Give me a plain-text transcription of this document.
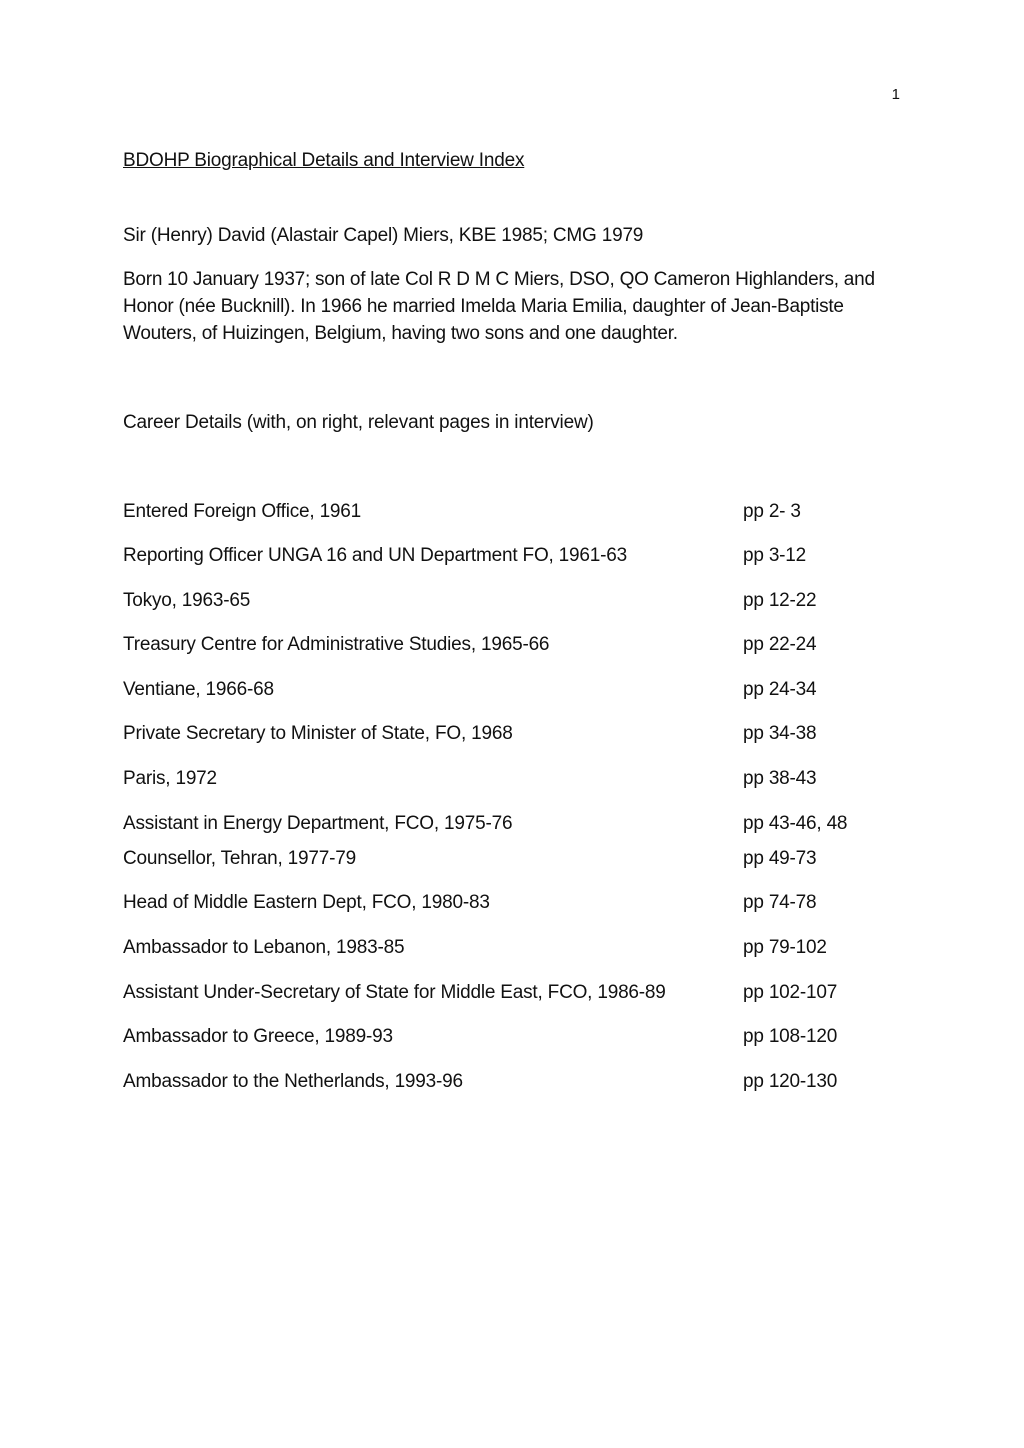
1
BDOHP Biographical Details and Interview Index
Sir (Henry) David (Alastair Capel) Miers, KBE 1985; CMG 1979
Born 10 January 1937; son of late Col R D M C Miers, DSO, QO Cameron Highlanders, and Honor (née Bucknill). In 1966 he married Imelda Maria Emilia, daughter of Jean-Baptiste Wouters, of Huizingen, Belgium, having two sons and one daughter.
Career Details (with, on right, relevant pages in interview)
Entered Foreign Office, 1961	pp 2- 3
Reporting Officer UNGA 16 and UN Department FO, 1961-63	pp 3-12
Tokyo, 1963-65	pp 12-22
Treasury Centre for Administrative Studies, 1965-66	pp 22-24
Ventiane, 1966-68	pp 24-34
Private Secretary to Minister of State, FO, 1968	pp 34-38
Paris, 1972	pp 38-43
Assistant in Energy Department, FCO, 1975-76	pp 43-46, 48
Counsellor, Tehran, 1977-79	pp 49-73
Head of Middle Eastern Dept, FCO, 1980-83	pp 74-78
Ambassador to Lebanon, 1983-85	pp 79-102
Assistant Under-Secretary of State for Middle East, FCO, 1986-89	pp 102-107
Ambassador to Greece, 1989-93	pp 108-120
Ambassador to the Netherlands, 1993-96	pp 120-130
